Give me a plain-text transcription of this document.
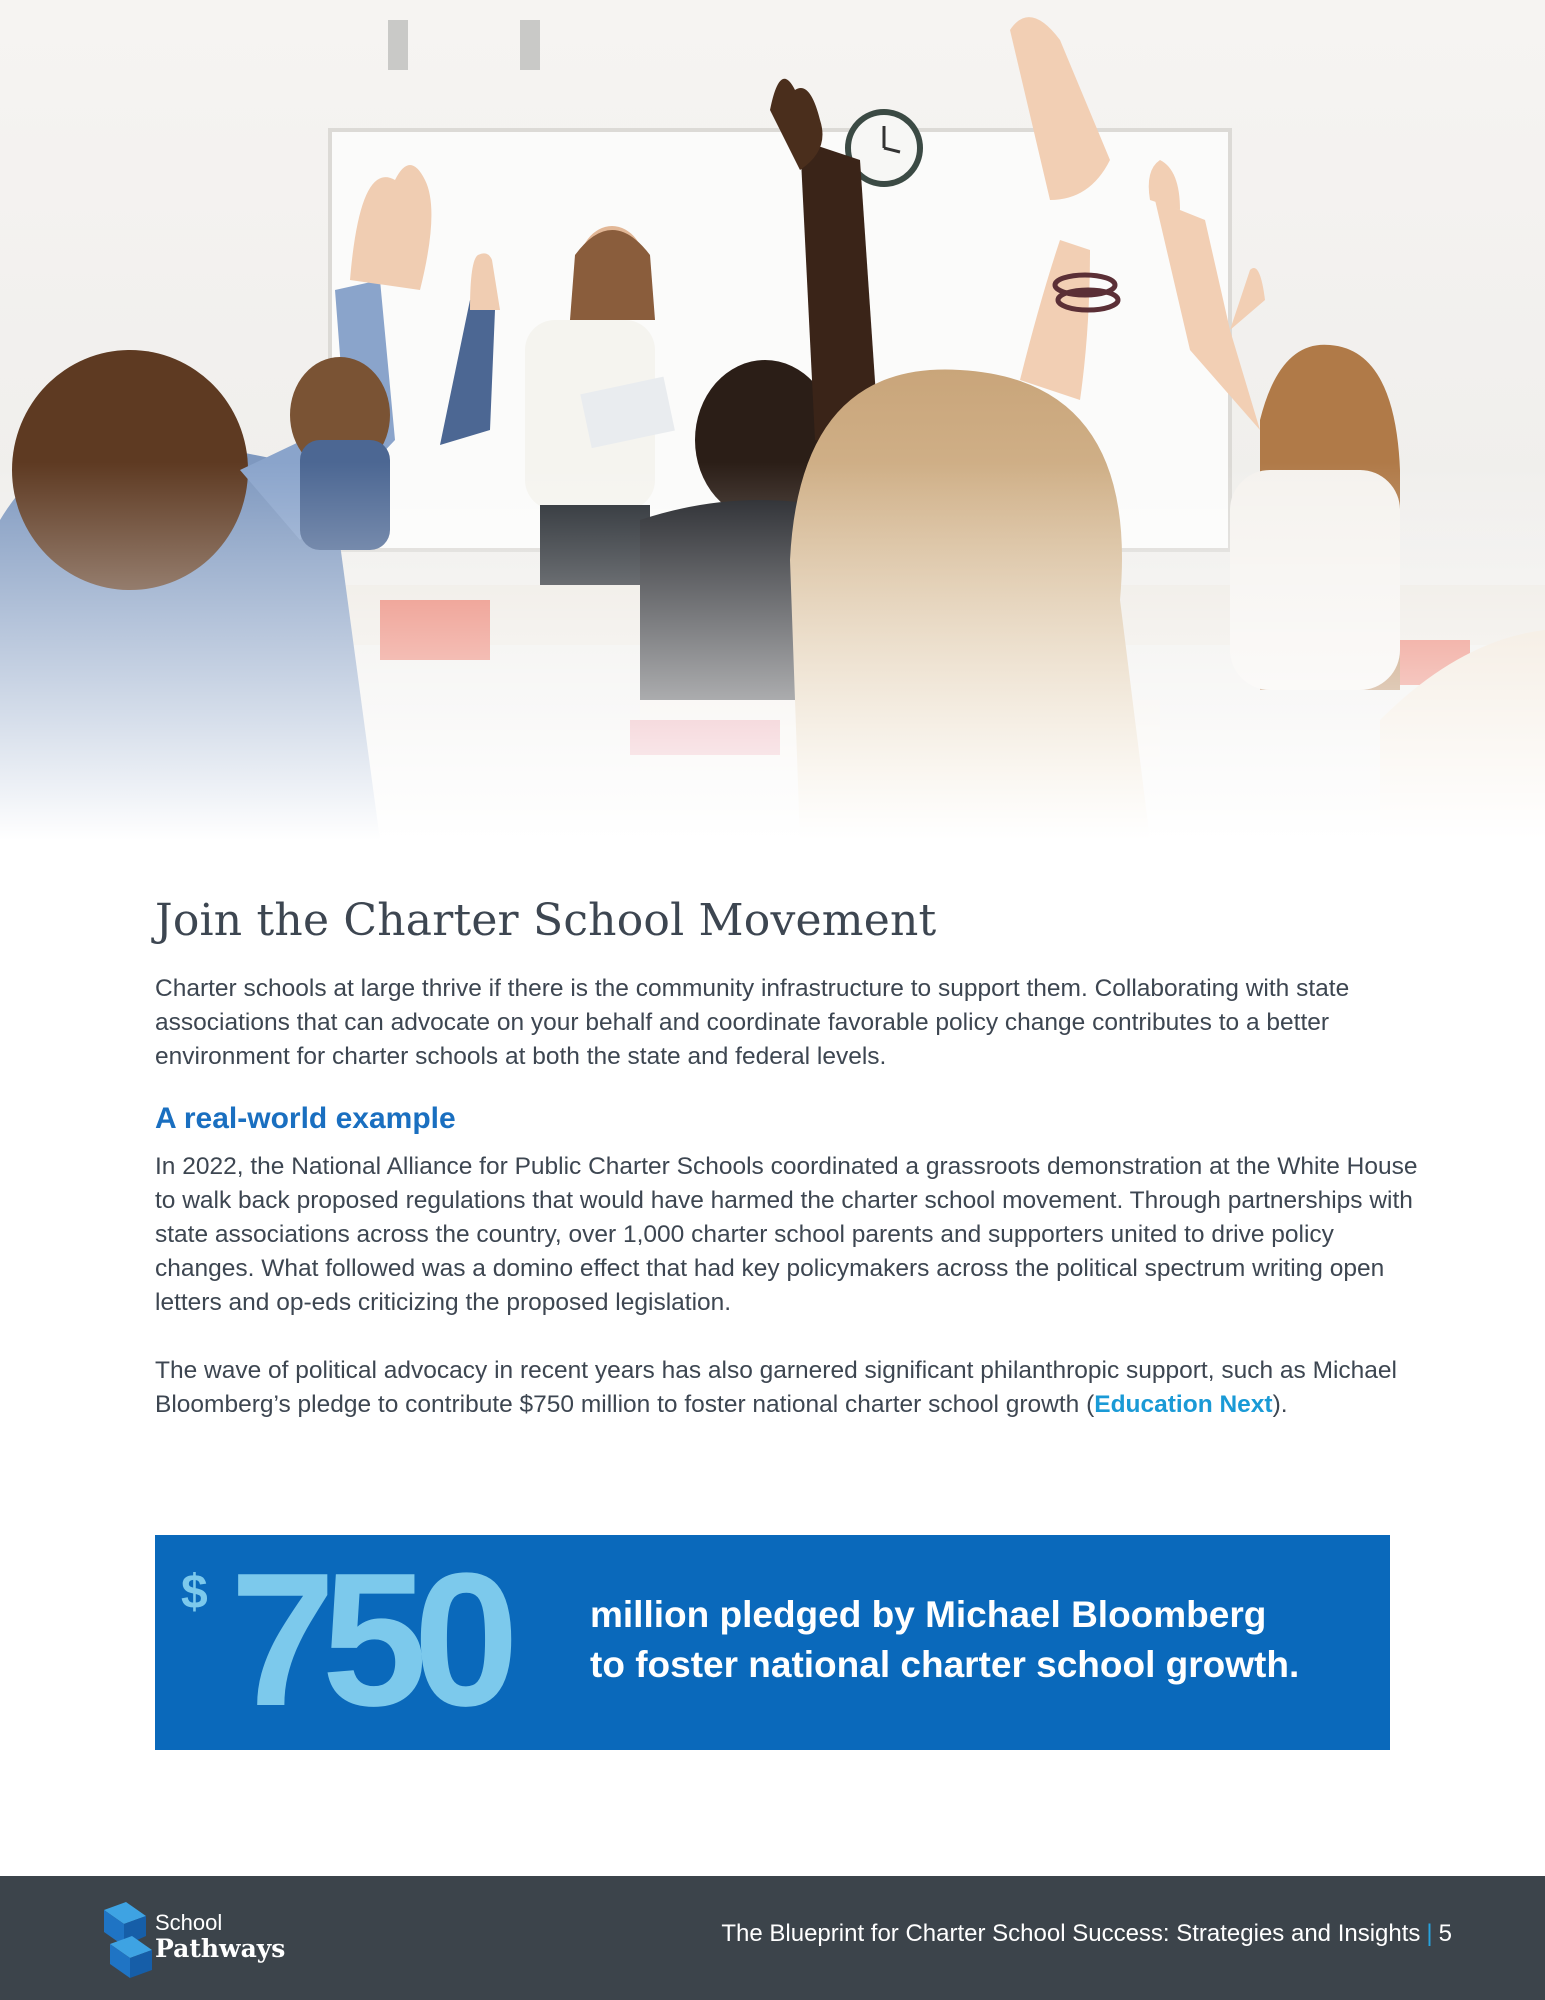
Join the Charter School Movement

Charter schools at large thrive if there is the community infrastructure to support them. Collaborating with state associations that can advocate on your behalf and coordinate favorable policy change contributes to a better environment for charter schools at both the state and federal levels.

A real-world example

In 2022, the National Alliance for Public Charter Schools coordinated a grassroots demonstration at the White House to walk back proposed regulations that would have harmed the charter school movement. Through partnerships with state associations across the country, over 1,000 charter school parents and supporters united to drive policy changes. What followed was a domino effect that had key policymakers across the political spectrum writing open letters and op-eds criticizing the proposed legislation.

The wave of political advocacy in recent years has also garnered significant philanthropic support, such as Michael Bloomberg’s pledge to contribute $750 million to foster national charter school growth (Education Next).

$ 750 million pledged by Michael Bloomberg
to foster national charter school growth.
School
Pathways
The Blueprint for Charter School Success: Strategies and Insights | 5
